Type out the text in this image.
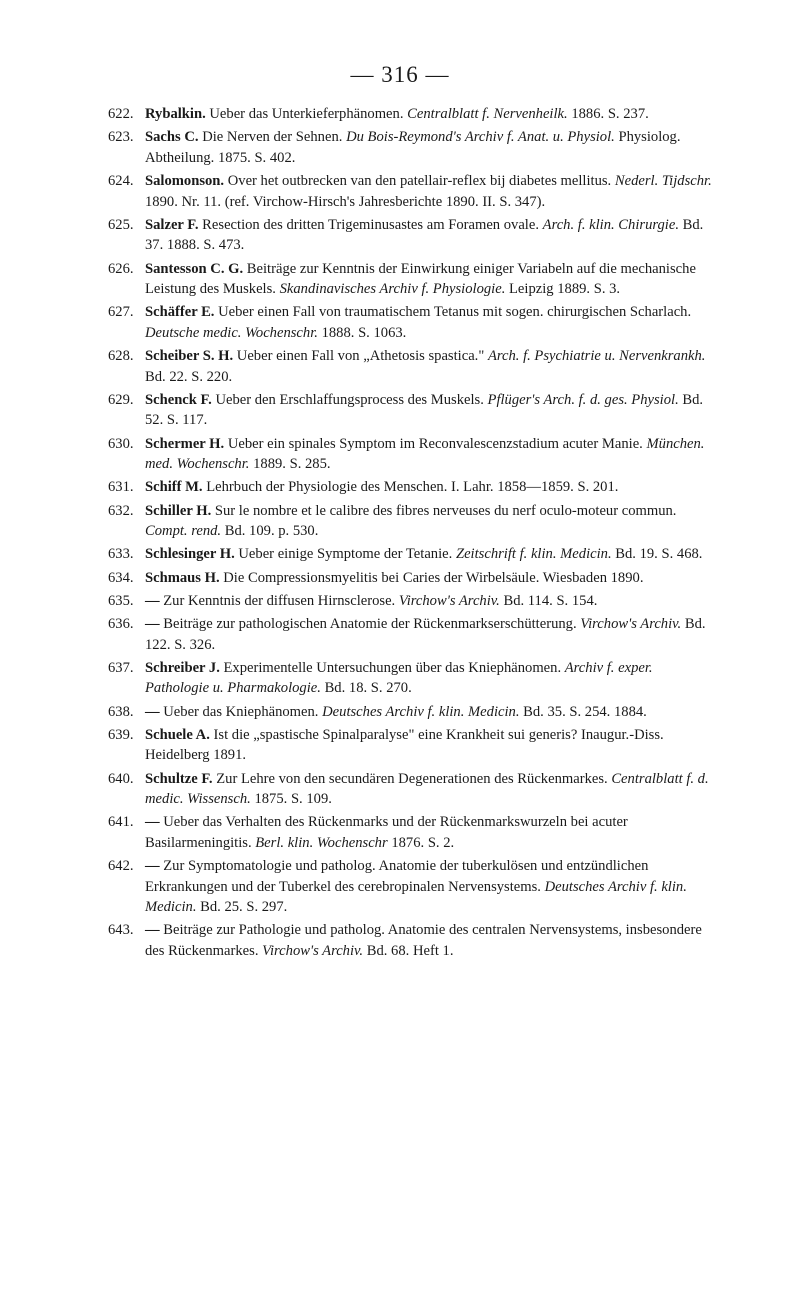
— 316 —
622. Rybalkin. Ueber das Unterkieferphänomen. Centralblatt f. Nervenheilk. 1886. S. 237.
623. Sachs C. Die Nerven der Sehnen. Du Bois-Reymond's Archiv f. Anat. u. Physiol. Physiolog. Abtheilung. 1875. S. 402.
624. Salomonson. Over het outbrecken van den patellair-reflex bij diabetes mellitus. Nederl. Tijdschr. 1890. Nr. 11. (ref. Virchow-Hirsch's Jahresberichte 1890. II. S. 347).
625. Salzer F. Resection des dritten Trigeminusastes am Foramen ovale. Arch. f. klin. Chirurgie. Bd. 37. 1888. S. 473.
626. Santesson C. G. Beiträge zur Kenntnis der Einwirkung einiger Variabeln auf die mechanische Leistung des Muskels. Skandinavisches Archiv f. Physiologie. Leipzig 1889. S. 3.
627. Schäffer E. Ueber einen Fall von traumatischem Tetanus mit sogen. chirurgischen Scharlach. Deutsche medic. Wochenschr. 1888. S. 1063.
628. Scheiber S. H. Ueber einen Fall von „Athetosis spastica." Arch. f. Psychiatrie u. Nervenkrankh. Bd. 22. S. 220.
629. Schenck F. Ueber den Erschlaffungsprocess des Muskels. Pflüger's Arch. f. d. ges. Physiol. Bd. 52. S. 117.
630. Schermer H. Ueber ein spinales Symptom im Reconvalescenzstadium acuter Manie. München. med. Wochenschr. 1889. S. 285.
631. Schiff M. Lehrbuch der Physiologie des Menschen. I. Lahr. 1858—1859. S. 201.
632. Schiller H. Sur le nombre et le calibre des fibres nerveuses du nerf oculo-moteur commun. Compt. rend. Bd. 109. p. 530.
633. Schlesinger H. Ueber einige Symptome der Tetanie. Zeitschrift f. klin. Medicin. Bd. 19. S. 468.
634. Schmaus H. Die Compressionsmyelitis bei Caries der Wirbelsäule. Wiesbaden 1890.
635. — Zur Kenntnis der diffusen Hirnsclerose. Virchow's Archiv. Bd. 114. S. 154.
636. — Beiträge zur pathologischen Anatomie der Rückenmarkserschütterung. Virchow's Archiv. Bd. 122. S. 326.
637. Schreiber J. Experimentelle Untersuchungen über das Kniephänomen. Archiv f. exper. Pathologie u. Pharmakologie. Bd. 18. S. 270.
638. — Ueber das Kniephänomen. Deutsches Archiv f. klin. Medicin. Bd. 35. S. 254. 1884.
639. Schuele A. Ist die „spastische Spinalparalyse" eine Krankheit sui generis? Inaugur.-Diss. Heidelberg 1891.
640. Schultze F. Zur Lehre von den secundären Degenerationen des Rückenmarkes. Centralblatt f. d. medic. Wissensch. 1875. S. 109.
641. — Ueber das Verhalten des Rückenmarks und der Rückenmarkswurzeln bei acuter Basilarmeningitis. Berl. klin. Wochenschr 1876. S. 2.
642. — Zur Symptomatologie und patholog. Anatomie der tuberkulösen und entzündlichen Erkrankungen und der Tuberkel des cerebropinalen Nervensystems. Deutsches Archiv f. klin. Medicin. Bd. 25. S. 297.
643. — Beiträge zur Pathologie und patholog. Anatomie des centralen Nervensystems, insbesondere des Rückenmarkes. Virchow's Archiv. Bd. 68. Heft 1.
